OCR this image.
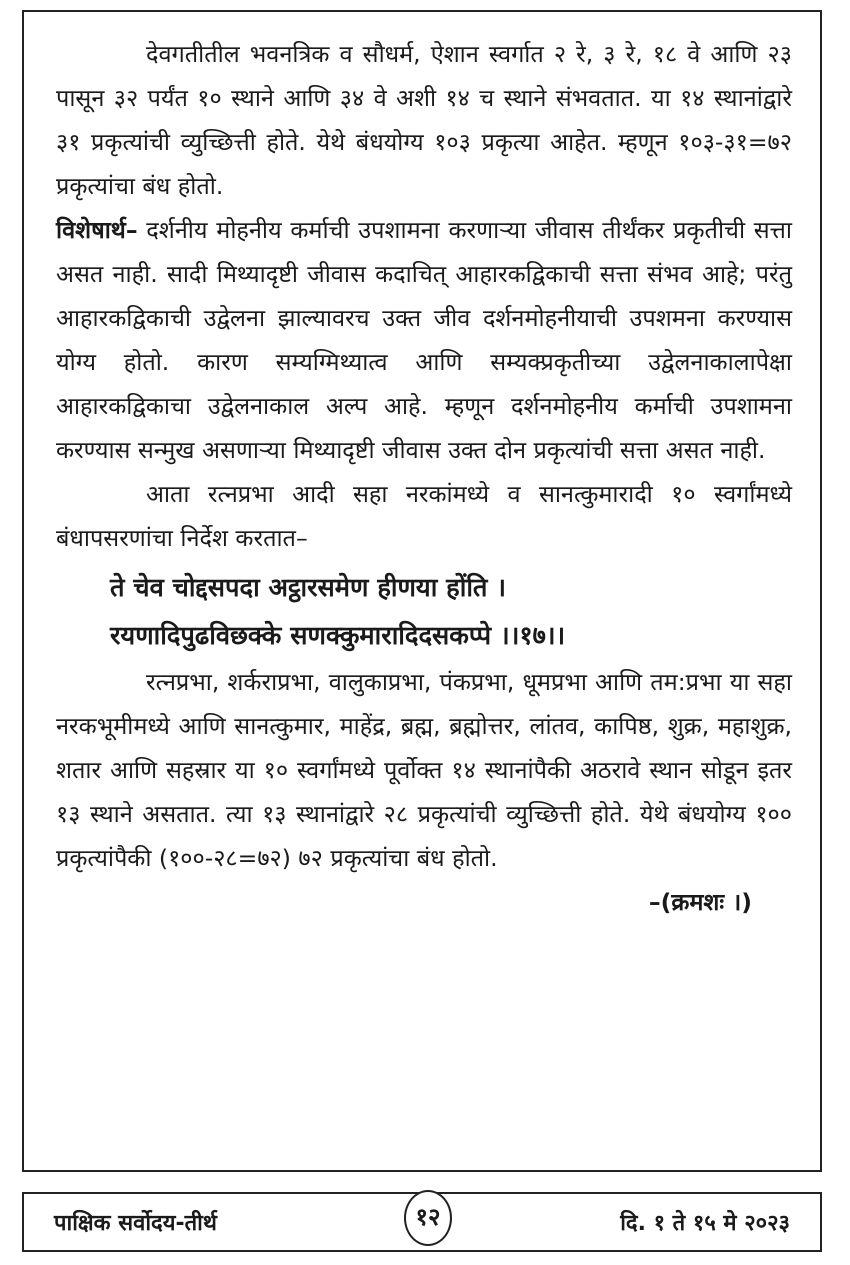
देवगतीतील भवनत्रिक व सौधर्म, ऐशान स्वर्गात २ रे, ३ रे, १८ वे आणि २३ पासून ३२ पर्यंत १० स्थाने आणि ३४ वे अशी १४ च स्थाने संभवतात. या १४ स्थानांद्वारे ३१ प्रकृत्यांची व्युच्छित्ती होते. येथे बंधयोग्य १०३ प्रकृत्या आहेत. म्हणून १०३-३१=७२ प्रकृत्यांचा बंध होतो.

विशेषार्थ– दर्शनीय मोहनीय कर्माची उपशामना करणाऱ्या जीवास तीर्थंकर प्रकृतीची सत्ता असत नाही. सादी मिथ्यादृष्टी जीवास कदाचित् आहारकद्विकाची सत्ता संभव आहे; परंतु आहारकद्विकाची उद्वेलना झाल्यावरच उक्त जीव दर्शनमोहनीयाची उपशमना करण्यास योग्य होतो. कारण सम्यग्मिथ्यात्व आणि सम्यक्प्रकृतीच्या उद्वेलनाकालापेक्षा आहारकद्विकाचा उद्वेलनाकाल अल्प आहे. म्हणून दर्शनमोहनीय कर्माची उपशामना करण्यास सन्मुख असणाऱ्या मिथ्यादृष्टी जीवास उक्त दोन प्रकृत्यांची सत्ता असत नाही.

आता रत्नप्रभा आदी सहा नरकांमध्ये व सानत्कुमारादी १० स्वर्गांमध्ये बंधापसरणांचा निर्देश करतात–

ते चेव चोद्दसपदा अट्ठारसमेण हीणया होंति ।
रयणादिपुढविछक्के सणक्कुमारादिदसकप्पे ।।१७।।

रत्नप्रभा, शर्कराप्रभा, वालुकाप्रभा, पंकप्रभा, धूमप्रभा आणि तम:प्रभा या सहा नरकभूमीमध्ये आणि सानत्कुमार, माहेंद्र, ब्रह्म, ब्रह्मोत्तर, लांतव, कापिष्ठ, शुक्र, महाशुक्र, शतार आणि सहस्रार या १० स्वर्गांमध्ये पूर्वोक्त १४ स्थानांपैकी अठरावे स्थान सोडून इतर १३ स्थाने असतात. त्या १३ स्थानांद्वारे २८ प्रकृत्यांची व्युच्छित्ती होते. येथे बंधयोग्य १०० प्रकृत्यांपैकी (१००-२८=७२) ७२ प्रकृत्यांचा बंध होतो.

–(क्रमशः ।)
पाक्षिक सर्वोदय-तीर्थ	१२	दि. १ ते १५ मे २०२३
